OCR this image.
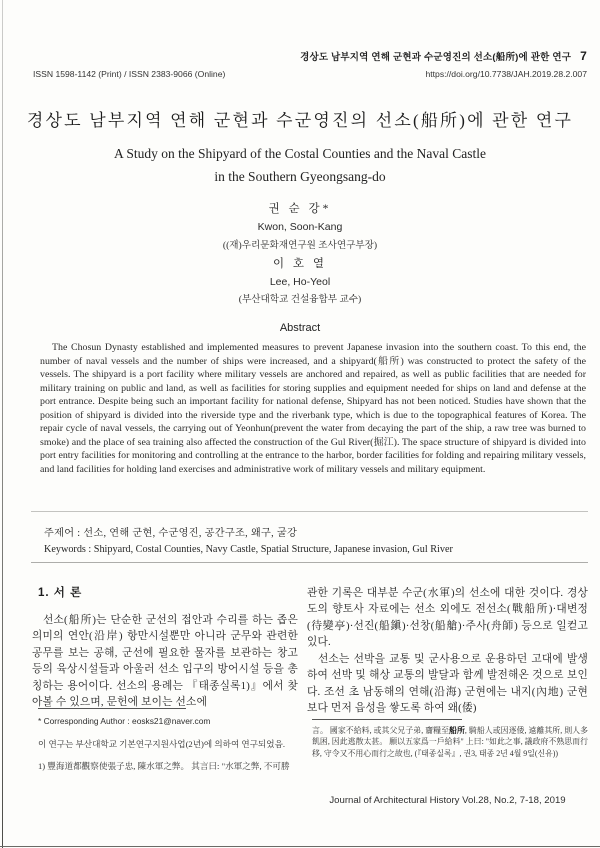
경상도 남부지역 연해 군현과 수군영진의 선소(船所)에 관한 연구 7
ISSN 1598-1142 (Print) / ISSN 2383-9066 (Online)	https://doi.org/10.7738/JAH.2019.28.2.007
경상도 남부지역 연해 군현과 수군영진의 선소(船所)에 관한 연구
A Study on the Shipyard of the Costal Counties and the Naval Castle
in the Southern Gyeongsang-do
권 순 강*
Kwon, Soon-Kang
((재)우리문화재연구원 조사연구부장)
이 호 열
Lee, Ho-Yeol
(부산대학교 건설융합부 교수)
Abstract
The Chosun Dynasty established and implemented measures to prevent Japanese invasion into the southern coast. To this end, the number of naval vessels and the number of ships were increased, and a shipyard(船所) was constructed to protect the safety of the vessels. The shipyard is a port facility where military vessels are anchored and repaired, as well as public facilities that are needed for military training on public and land, as well as facilities for storing supplies and equipment needed for ships on land and defense at the port entrance. Despite being such an important facility for national defense, Shipyard has not been noticed. Studies have shown that the position of shipyard is divided into the riverside type and the riverbank type, which is due to the topographical features of Korea. The repair cycle of naval vessels, the carrying out of Yeonhun(prevent the water from decaying the part of the ship, a raw tree was burned to smoke) and the place of sea training also affected the construction of the Gul River(掘江). The space structure of shipyard is divided into port entry facilities for monitoring and controlling at the entrance to the harbor, border facilities for folding and repairing military vessels, and land facilities for holding land exercises and administrative work of military vessels and military equipment.
주제어 : 선소, 연해 군현, 수군영진, 공간구조, 왜구, 굴강
Keywords : Shipyard, Costal Counties, Navy Castle, Spatial Structure, Japanese invasion, Gul River
1. 서 론

선소(船所)는 단순한 군선의 접안과 수리를 하는 좁은 의미의 연안(沿岸) 항만시설뿐만 아니라 군무와 관련한 공무를 보는 공해, 군선에 필요한 물자를 보관하는 창고 등의 육상시설들과 아울러 선소 입구의 방어시설 등을 총칭하는 용어이다. 선소의 용례는 『태종실록1)』에서 찾아볼 수 있으며, 문헌에 보이는 선소에

관한 기록은 대부분 수군(水軍)의 선소에 대한 것이다. 경상도의 향토사 자료에는 선소 외에도 전선소(戰船所)·대변정(待變亭)·선진(船鎭)·선창(船艙)·주사(舟師) 등으로 일컫고 있다.

선소는 선박을 교통 및 군사용으로 운용하던 고대에 발생하여 선박 및 해상 교통의 발달과 함께 발전해온 것으로 보인다. 조선 초 남동해의 연해(沿海) 군현에는 내지(內地) 군현보다 먼저 읍성을 쌓도록 하여 왜(倭)

* Corresponding Author : eosks21@naver.com
이 연구는 부산대학교 기본연구지원사업(2년)에 의하여 연구되었음.
1) 豐海道都觀察使張子忠, 陳水軍之弊。 其言曰: "水軍之弊, 不可勝
言。 國家不給料, 或其父兄子弟, 齎糧至船所, 騎船人或因逐倭, 遠離其所, 則人多飢困, 因此逃散太甚。 願以五家爲一戶給料" 上曰: "如此之事, 議政府不熟思而行移, 守令又不用心而行之故也, (『태종실록』, 권3, 태종 2년 4월 9일(신유))
Journal of Architectural History Vol.28, No.2, 7-18, 2019
